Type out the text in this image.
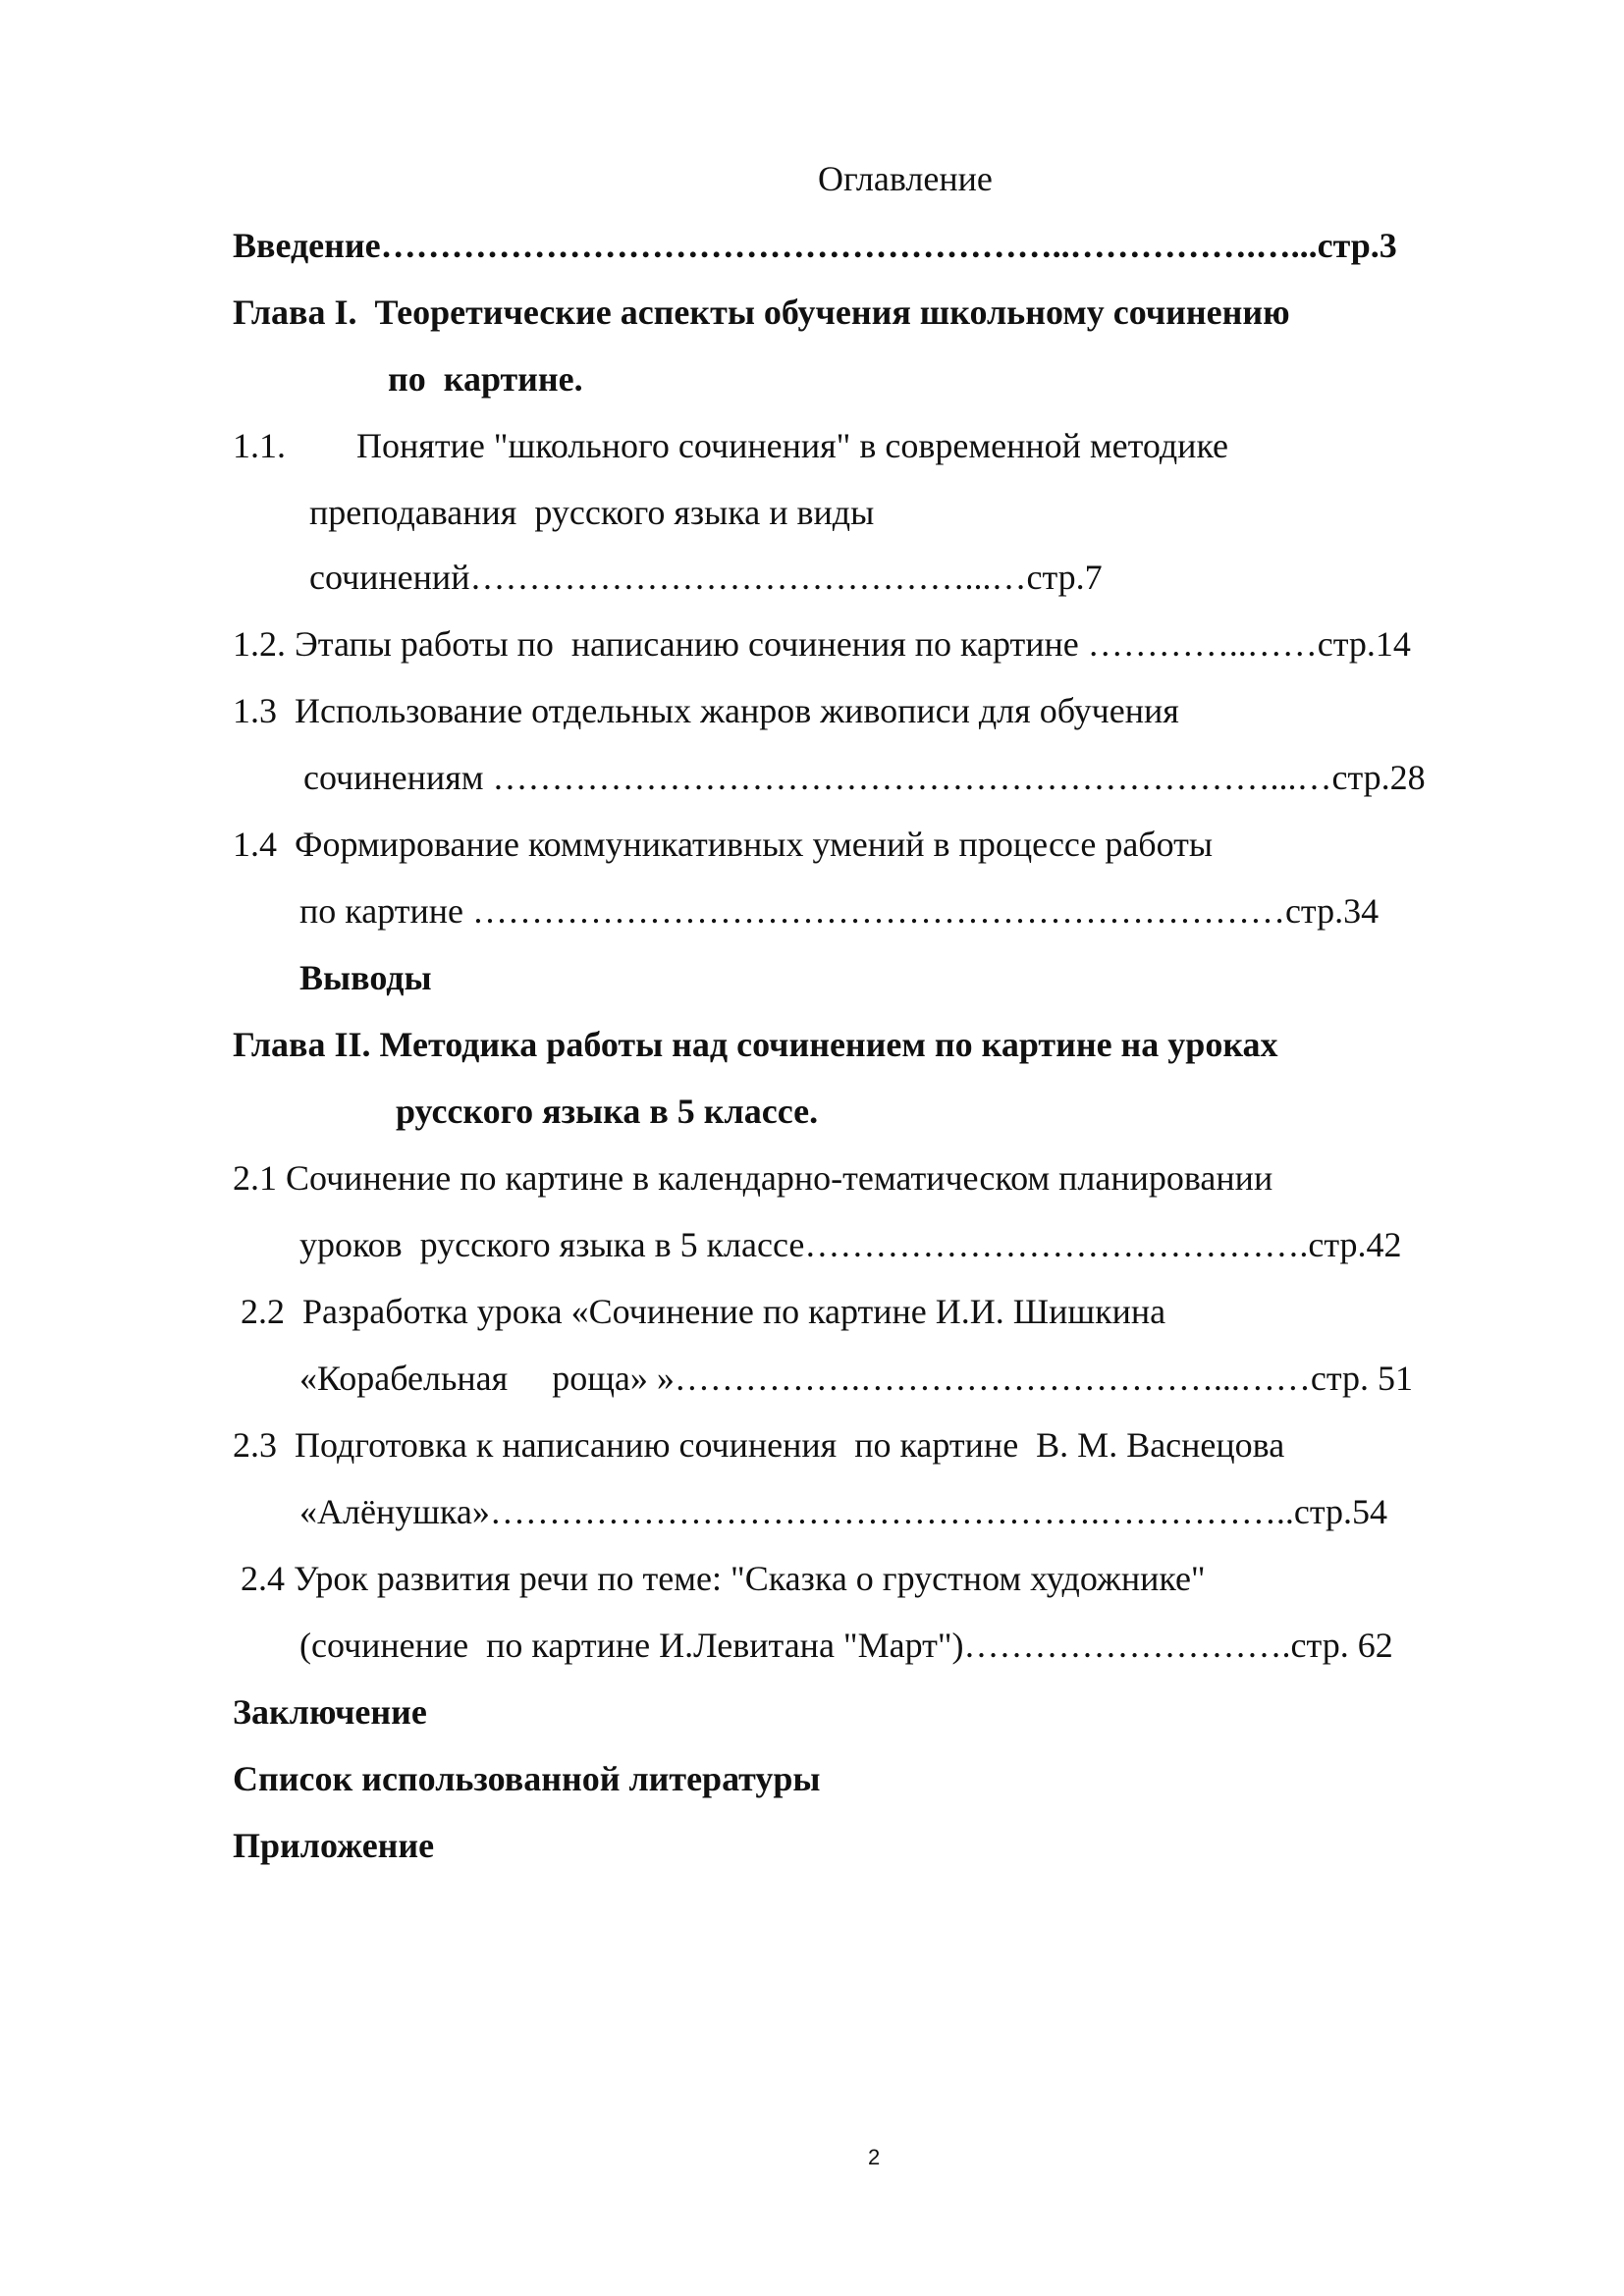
Оглавление
Введение…………………………………………………..…………….…...стр.3
Глава I.  Теоретические аспекты обучения школьному сочинению
по  картине.
1.1.        Понятие "школьного сочинения" в современной методике
преподавания  русского языка и виды
сочинений……………………………………...…стр.7
1.2. Этапы работы по  написанию сочинения по картине …………..……стр.14
1.3  Использование отдельных жанров живописи для обучения
сочинениям …………………………………………………………...…стр.28
1.4  Формирование коммуникативных умений в процессе работы
по картине ……………………………………………………………стр.34
Выводы
Глава II. Методика работы над сочинением по картине на уроках
русского языка в 5 классе.
2.1 Сочинение по картине в календарно-тематическом планировании
уроков  русского языка в 5 классе…………………………………….стр.42
2.2  Разработка урока «Сочинение по картине И.И. Шишкина
«Корабельная     роща» »…………….…………………………...……стр. 51
2.3  Подготовка к написанию сочинения  по картине  В. М. Васнецова
«Алёнушка»…………………………………………….……………..стр.54
2.4 Урок развития речи по теме: "Сказка о грустном художнике"
(сочинение  по картине И.Левитана "Март")……………………….стр. 62
Заключение
Список использованной литературы
Приложение
2
